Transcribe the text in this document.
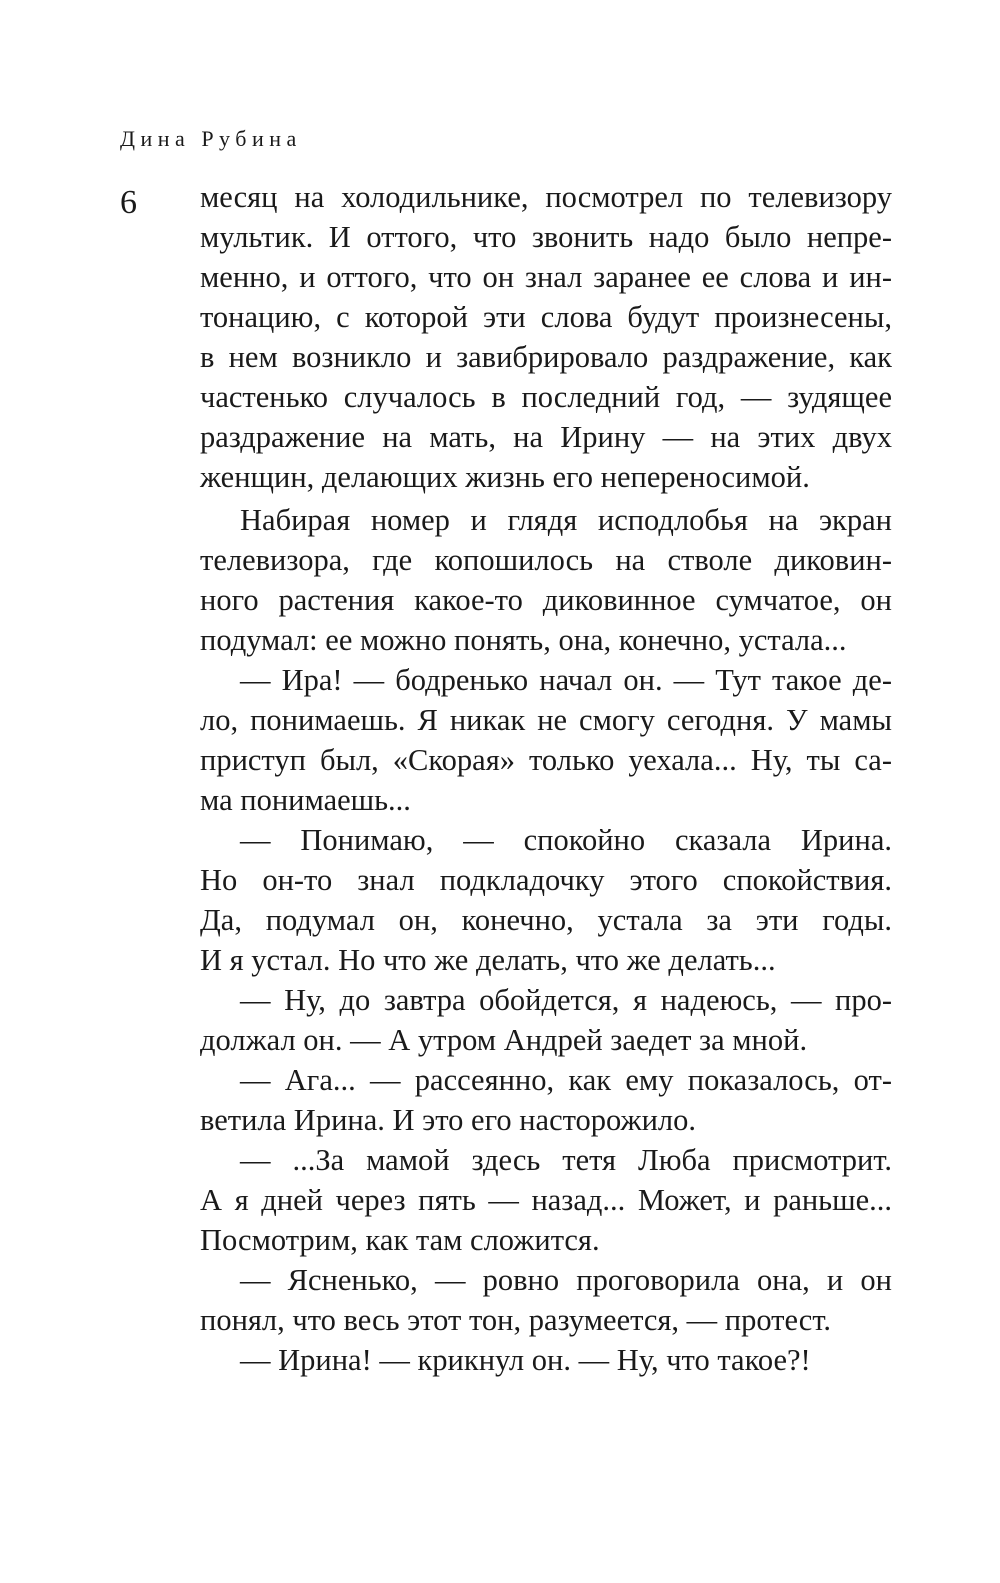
Дина Рубина
6 месяц на холодильнике, посмотрел по телевизору
мультик. И оттого, что звонить надо было непре-
менно, и оттого, что он знал заранее ее слова и ин-
тонацию, с которой эти слова будут произнесены,
в нем возникло и завибрировало раздражение, как
частенько случалось в последний год, — зудящее
раздражение на мать, на Ирину — на этих двух
женщин, делающих жизнь его непереносимой.
Набирая номер и глядя исподлобья на экран
телевизора, где копошилось на стволе диковин-
ного растения какое-то диковинное сумчатое, он
подумал: ее можно понять, она, конечно, устала...
— Ира! — бодренько начал он. — Тут такое де-
ло, понимаешь. Я никак не смогу сегодня. У мамы
приступ был, «Скорая» только уехала... Ну, ты са-
ма понимаешь...
— Понимаю, — спокойно сказала Ирина.
Но он-то знал подкладочку этого спокойствия.
Да, подумал он, конечно, устала за эти годы.
И я устал. Но что же делать, что же делать...
— Ну, до завтра обойдется, я надеюсь, — про-
должал он. — А утром Андрей заедет за мной.
— Ага... — рассеянно, как ему показалось, от-
ветила Ирина. И это его насторожило.
— ...За мамой здесь тетя Люба присмотрит.
А я дней через пять — назад... Может, и раньше...
Посмотрим, как там сложится.
— Ясненько, — ровно проговорила она, и он
понял, что весь этот тон, разумеется, — протест.
— Ирина! — крикнул он. — Ну, что такое?!
